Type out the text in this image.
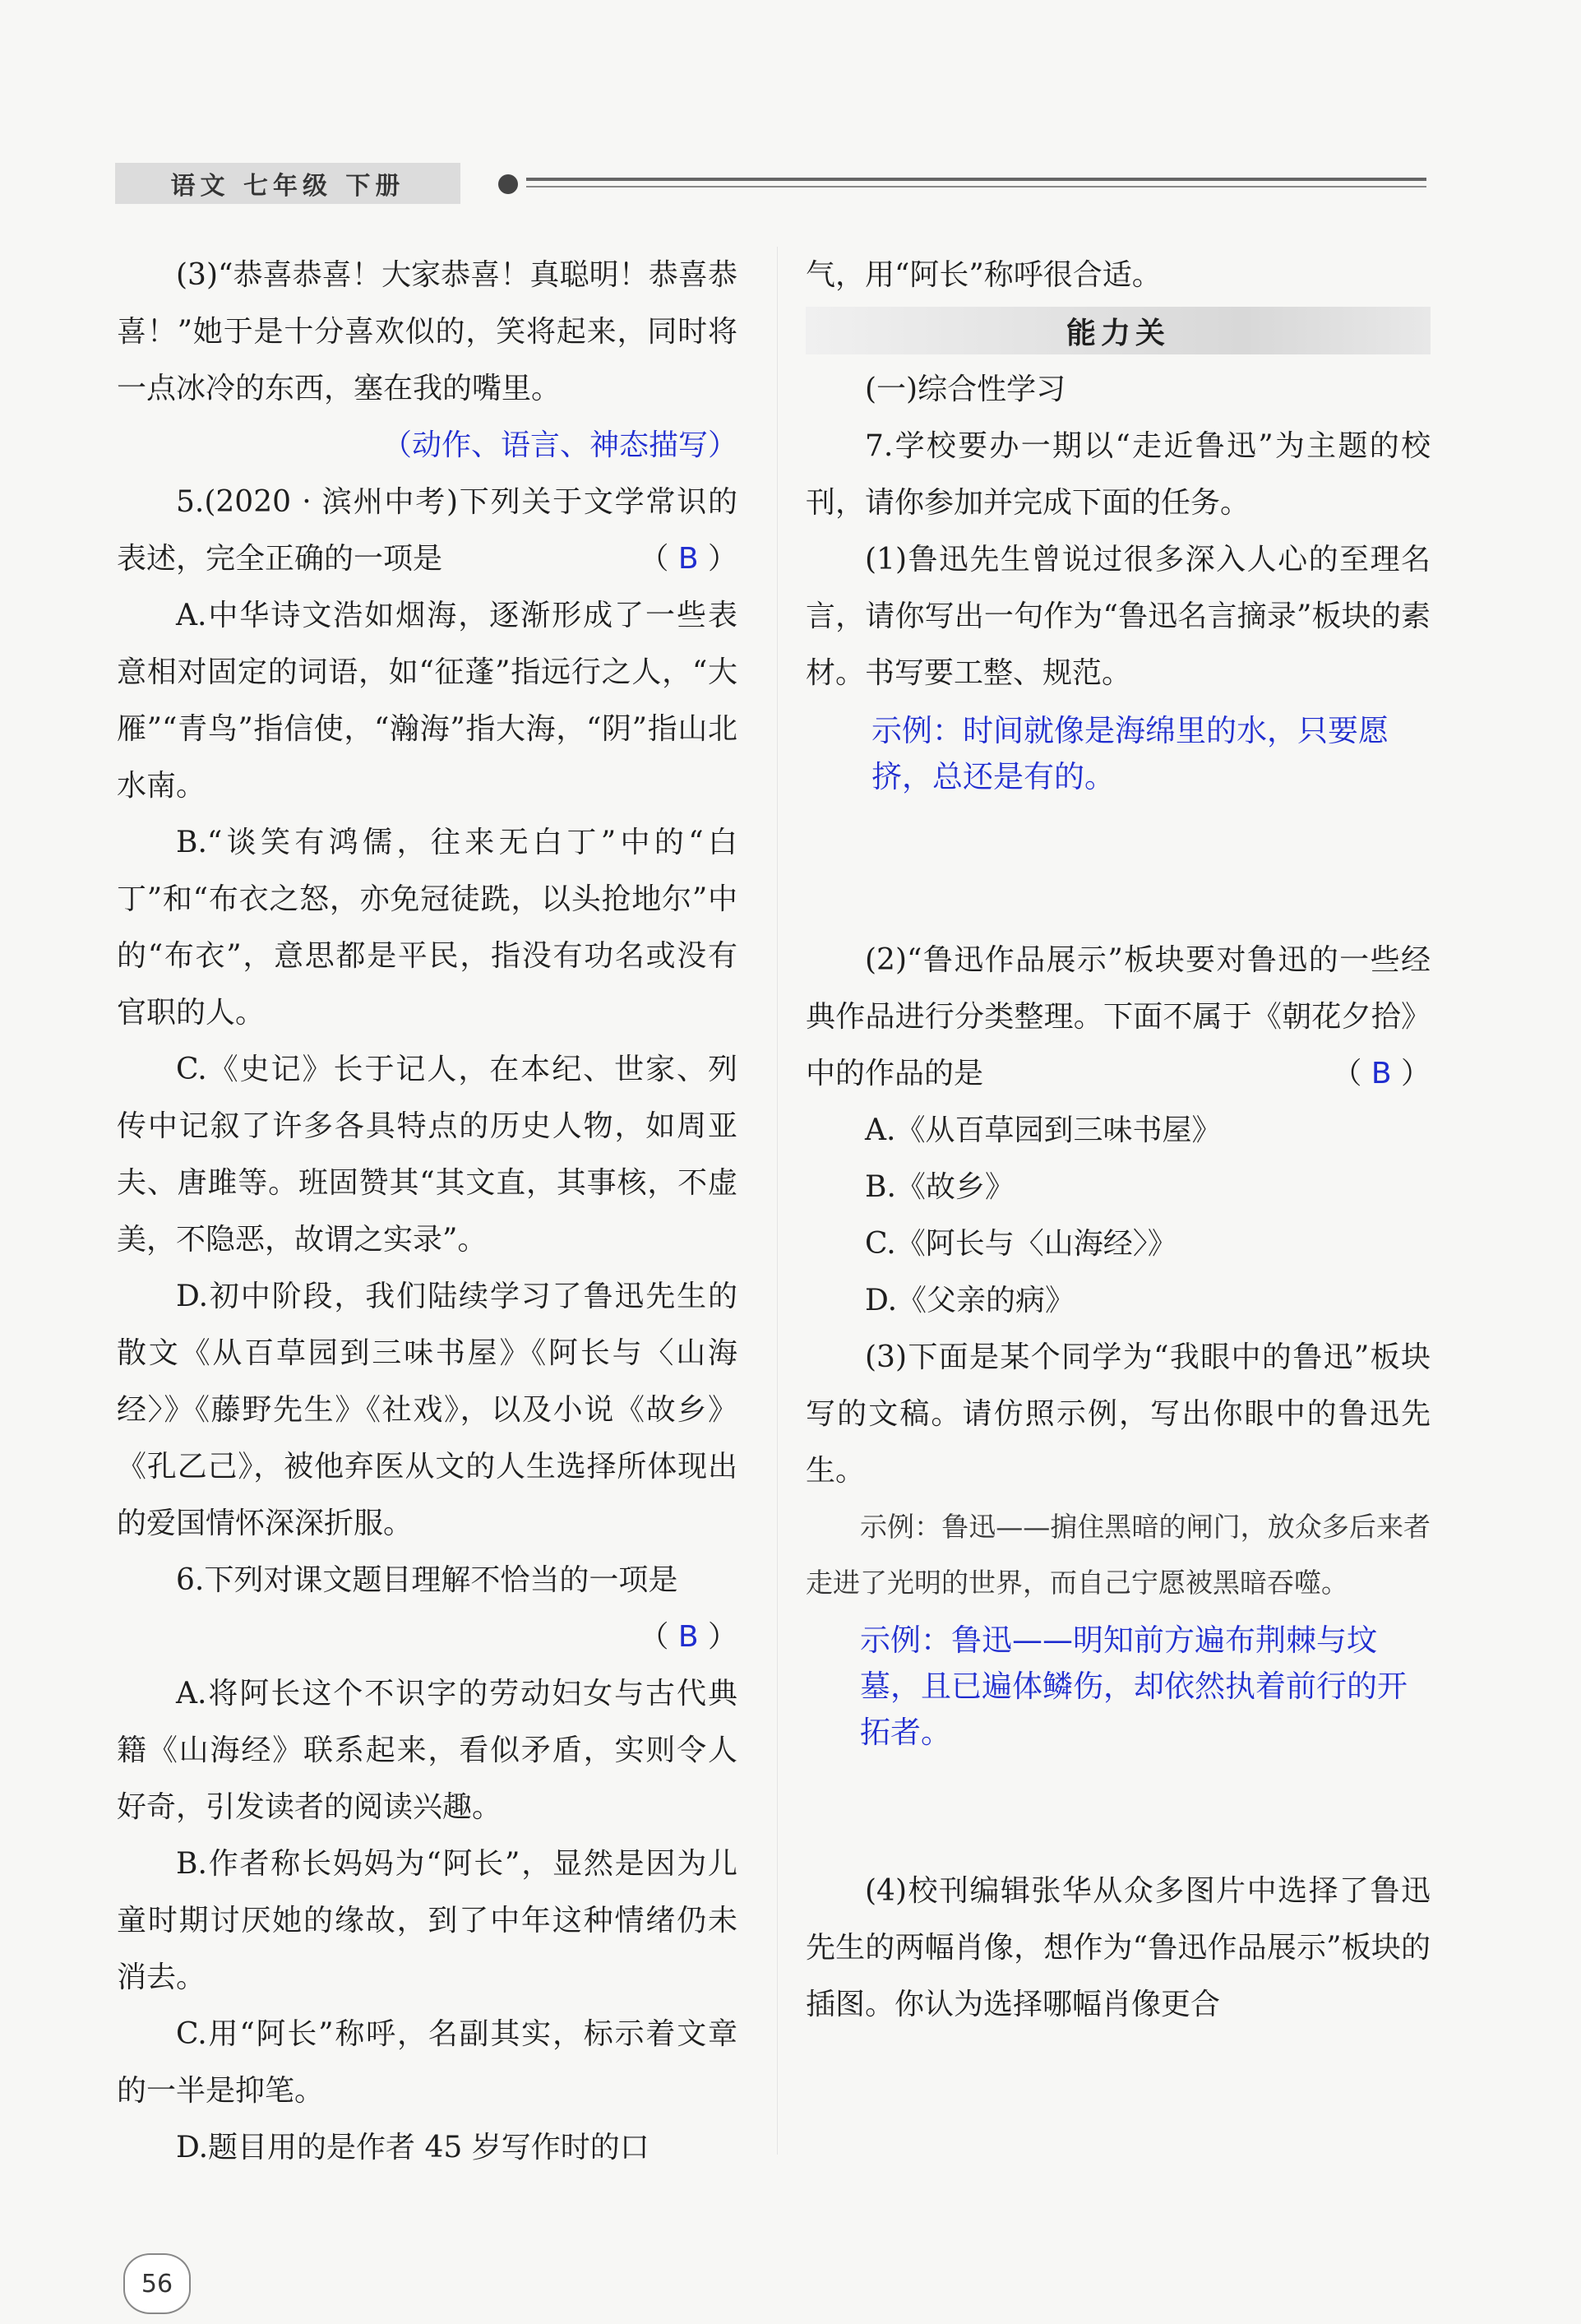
语文 七年级 下册

(3)“恭喜恭喜！大家恭喜！真聪明！恭喜恭喜！”她于是十分喜欢似的，笑将起来，同时将一点冰冷的东西，塞在我的嘴里。

（动作、语言、神态描写）

5.(2020 · 滨州中考)下列关于文学常识的表述，完全正确的一项是	（ B ）

A.中华诗文浩如烟海，逐渐形成了一些表意相对固定的词语，如“征蓬”指远行之人，“大雁”“青鸟”指信使，“瀚海”指大海，“阴”指山北水南。

B.“谈笑有鸿儒，往来无白丁”中的“白丁”和“布衣之怒，亦免冠徒跣，以头抢地尔”中的“布衣”，意思都是平民，指没有功名或没有官职的人。

C.《史记》长于记人，在本纪、世家、列传中记叙了许多各具特点的历史人物，如周亚夫、唐雎等。班固赞其“其文直，其事核，不虚美，不隐恶，故谓之实录”。

D.初中阶段，我们陆续学习了鲁迅先生的散文《从百草园到三味书屋》《阿长与〈山海经〉》《藤野先生》《社戏》，以及小说《故乡》《孔乙己》，被他弃医从文的人生选择所体现出的爱国情怀深深折服。

6.下列对课文题目理解不恰当的一项是

（ B ）

A.将阿长这个不识字的劳动妇女与古代典籍《山海经》联系起来，看似矛盾，实则令人好奇，引发读者的阅读兴趣。

B.作者称长妈妈为“阿长”，显然是因为儿童时期讨厌她的缘故，到了中年这种情绪仍未消去。

C.用“阿长”称呼，名副其实，标示着文章的一半是抑笔。

D.题目用的是作者 45 岁写作时的口

气，用“阿长”称呼很合适。

能力关

(一)综合性学习

7.学校要办一期以“走近鲁迅”为主题的校刊，请你参加并完成下面的任务。

(1)鲁迅先生曾说过很多深入人心的至理名言，请你写出一句作为“鲁迅名言摘录”板块的素材。书写要工整、规范。

示例：时间就像是海绵里的水，只要愿挤，总还是有的。

(2)“鲁迅作品展示”板块要对鲁迅的一些经典作品进行分类整理。下面不属于《朝花夕拾》中的作品的是	（ B ）

A.《从百草园到三味书屋》

B.《故乡》

C.《阿长与〈山海经〉》

D.《父亲的病》

(3)下面是某个同学为“我眼中的鲁迅”板块写的文稿。请仿照示例，写出你眼中的鲁迅先生。

示例：鲁迅——掮住黑暗的闸门，放众多后来者走进了光明的世界，而自己宁愿被黑暗吞噬。

示例：鲁迅——明知前方遍布荆棘与坟墓，且已遍体鳞伤，却依然执着前行的开拓者。

(4)校刊编辑张华从众多图片中选择了鲁迅先生的两幅肖像，想作为“鲁迅作品展示”板块的插图。你认为选择哪幅肖像更合

56
